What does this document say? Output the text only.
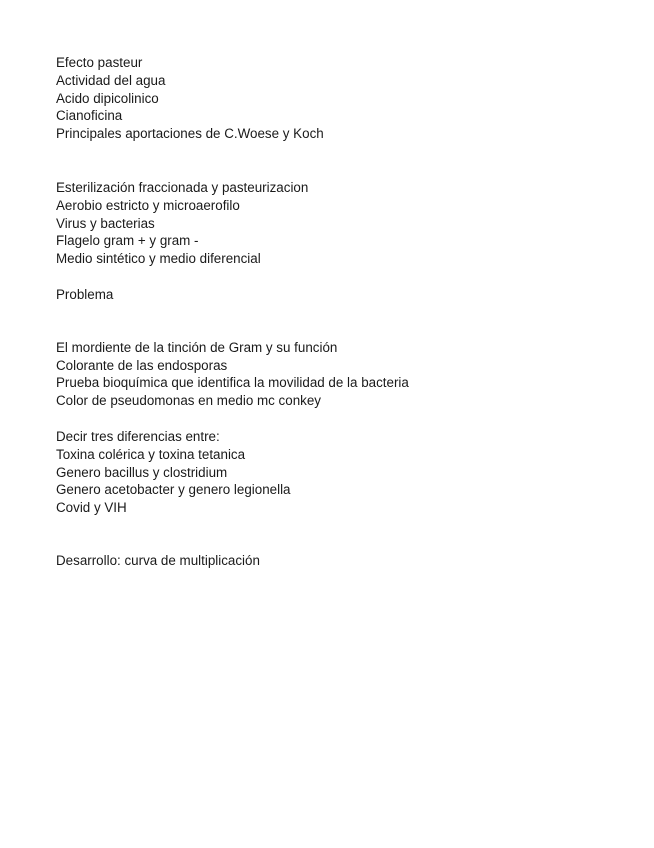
Efecto pasteur
Actividad del agua
Acido dipicolinico
Cianoficina
Principales aportaciones de C.Woese y Koch
Esterilización fraccionada y pasteurizacion
Aerobio estricto y microaerofilo
Virus y bacterias
Flagelo gram + y gram -
Medio sintético y medio diferencial
Problema
El mordiente de la tinción de Gram y su función
Colorante de las endosporas
Prueba bioquímica que identifica la movilidad de la bacteria
Color de pseudomonas en medio mc conkey
Decir tres diferencias entre:
Toxina colérica y toxina tetanica
Genero bacillus y clostridium
Genero acetobacter y genero legionella
Covid y VIH
Desarrollo: curva de multiplicación
